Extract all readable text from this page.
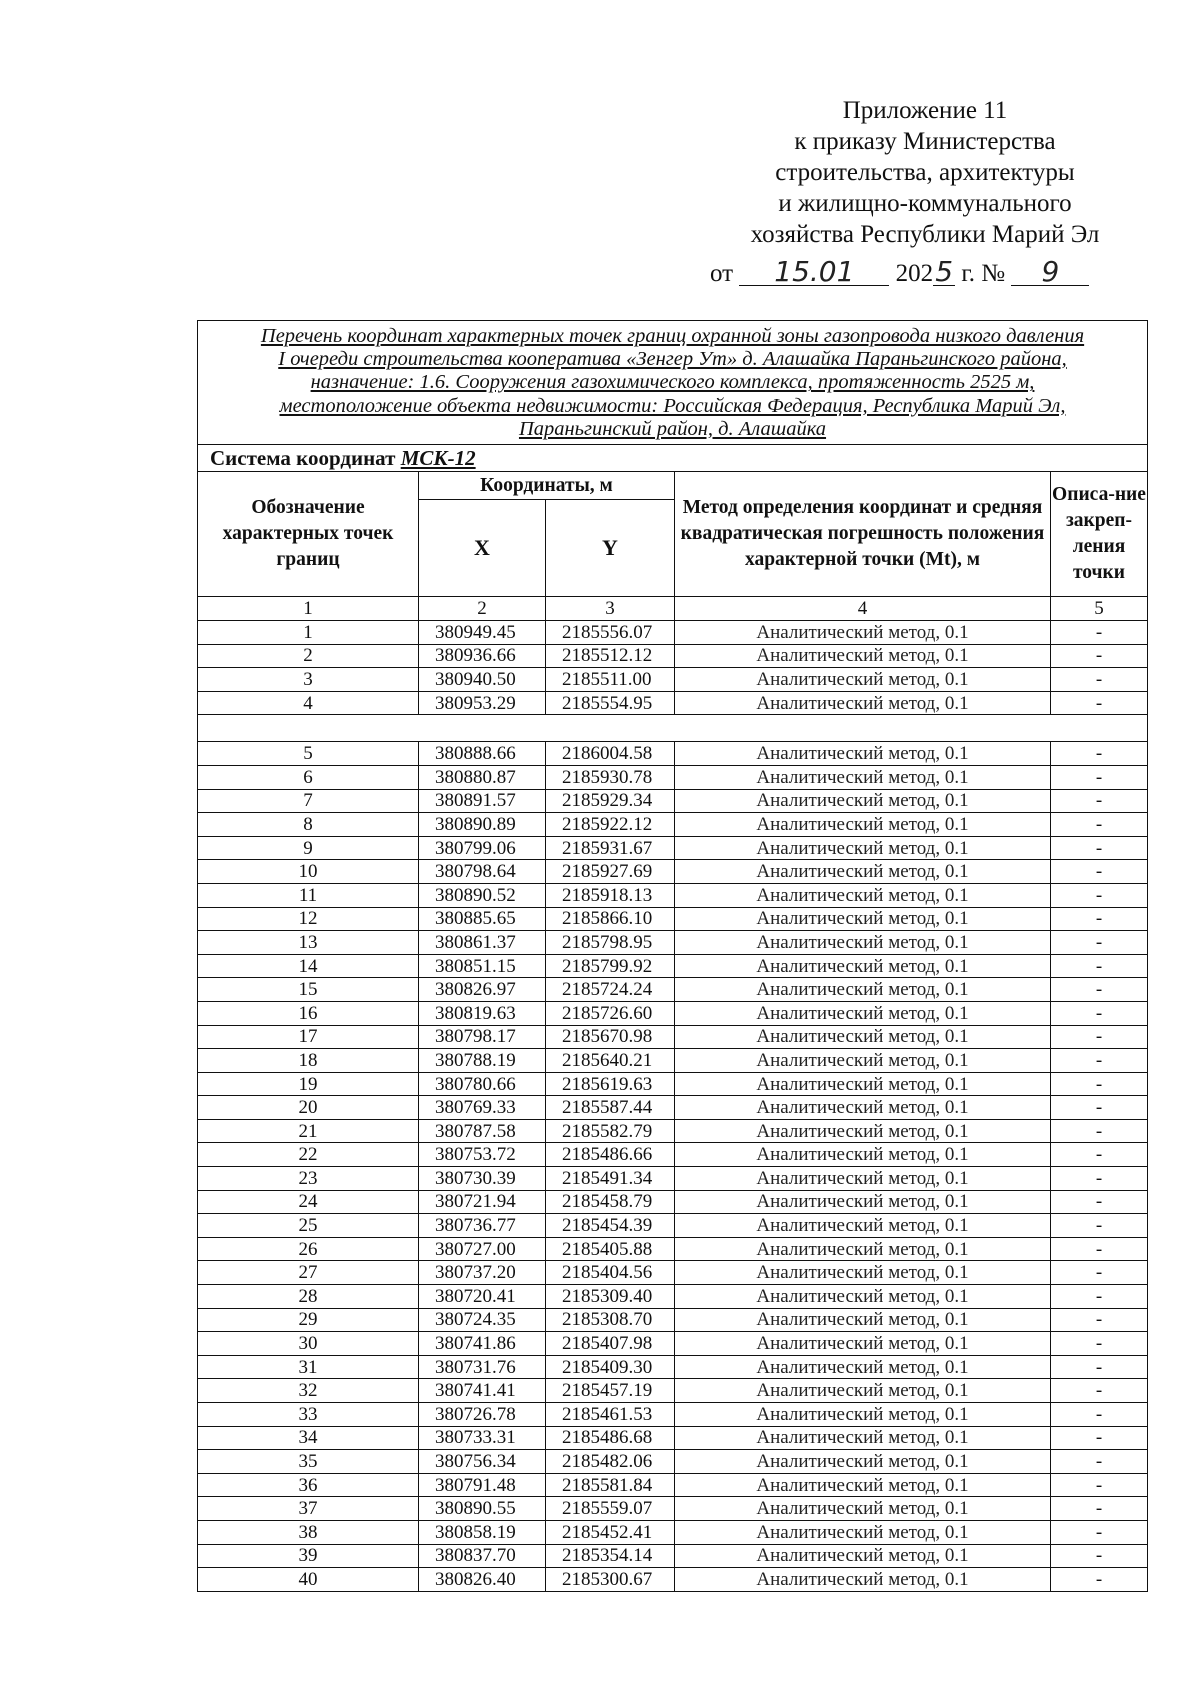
Приложение 11
к приказу Министерства
строительства, архитектуры
и жилищно-коммунального
хозяйства Республики Марий Эл
от 15.01 2025 г. № 9
Перечень координат характерных точек границ охранной зоны газопровода низкого давления
I очереди строительства кооператива «Зенгер Ут» д. Алашайка Параньгинского района,
назначение: 1.6. Сооружения газохимического комплекса, протяженность 2525 м,
местоположение объекта недвижимости: Российская Федерация, Республика Марий Эл,
Параньгинский район, д. Алашайка				
Система координат МСК-12				
Обозначение характерных точек границ	Координаты, м		Метод определения координат и средняя квадратическая погрешность положения характерной точки (Mt), м	Описа-ние закреп-ления точки
	X	Y		
1	2	3	4	5
1	380949.45	2185556.07	Аналитический метод, 0.1	-
2	380936.66	2185512.12	Аналитический метод, 0.1	-
3	380940.50	2185511.00	Аналитический метод, 0.1	-
4	380953.29	2185554.95	Аналитический метод, 0.1	-

5	380888.66	2186004.58	Аналитический метод, 0.1	-
6	380880.87	2185930.78	Аналитический метод, 0.1	-
7	380891.57	2185929.34	Аналитический метод, 0.1	-
8	380890.89	2185922.12	Аналитический метод, 0.1	-
9	380799.06	2185931.67	Аналитический метод, 0.1	-
10	380798.64	2185927.69	Аналитический метод, 0.1	-
11	380890.52	2185918.13	Аналитический метод, 0.1	-
12	380885.65	2185866.10	Аналитический метод, 0.1	-
13	380861.37	2185798.95	Аналитический метод, 0.1	-
14	380851.15	2185799.92	Аналитический метод, 0.1	-
15	380826.97	2185724.24	Аналитический метод, 0.1	-
16	380819.63	2185726.60	Аналитический метод, 0.1	-
17	380798.17	2185670.98	Аналитический метод, 0.1	-
18	380788.19	2185640.21	Аналитический метод, 0.1	-
19	380780.66	2185619.63	Аналитический метод, 0.1	-
20	380769.33	2185587.44	Аналитический метод, 0.1	-
21	380787.58	2185582.79	Аналитический метод, 0.1	-
22	380753.72	2185486.66	Аналитический метод, 0.1	-
23	380730.39	2185491.34	Аналитический метод, 0.1	-
24	380721.94	2185458.79	Аналитический метод, 0.1	-
25	380736.77	2185454.39	Аналитический метод, 0.1	-
26	380727.00	2185405.88	Аналитический метод, 0.1	-
27	380737.20	2185404.56	Аналитический метод, 0.1	-
28	380720.41	2185309.40	Аналитический метод, 0.1	-
29	380724.35	2185308.70	Аналитический метод, 0.1	-
30	380741.86	2185407.98	Аналитический метод, 0.1	-
31	380731.76	2185409.30	Аналитический метод, 0.1	-
32	380741.41	2185457.19	Аналитический метод, 0.1	-
33	380726.78	2185461.53	Аналитический метод, 0.1	-
34	380733.31	2185486.68	Аналитический метод, 0.1	-
35	380756.34	2185482.06	Аналитический метод, 0.1	-
36	380791.48	2185581.84	Аналитический метод, 0.1	-
37	380890.55	2185559.07	Аналитический метод, 0.1	-
38	380858.19	2185452.41	Аналитический метод, 0.1	-
39	380837.70	2185354.14	Аналитический метод, 0.1	-
40	380826.40	2185300.67	Аналитический метод, 0.1	-
